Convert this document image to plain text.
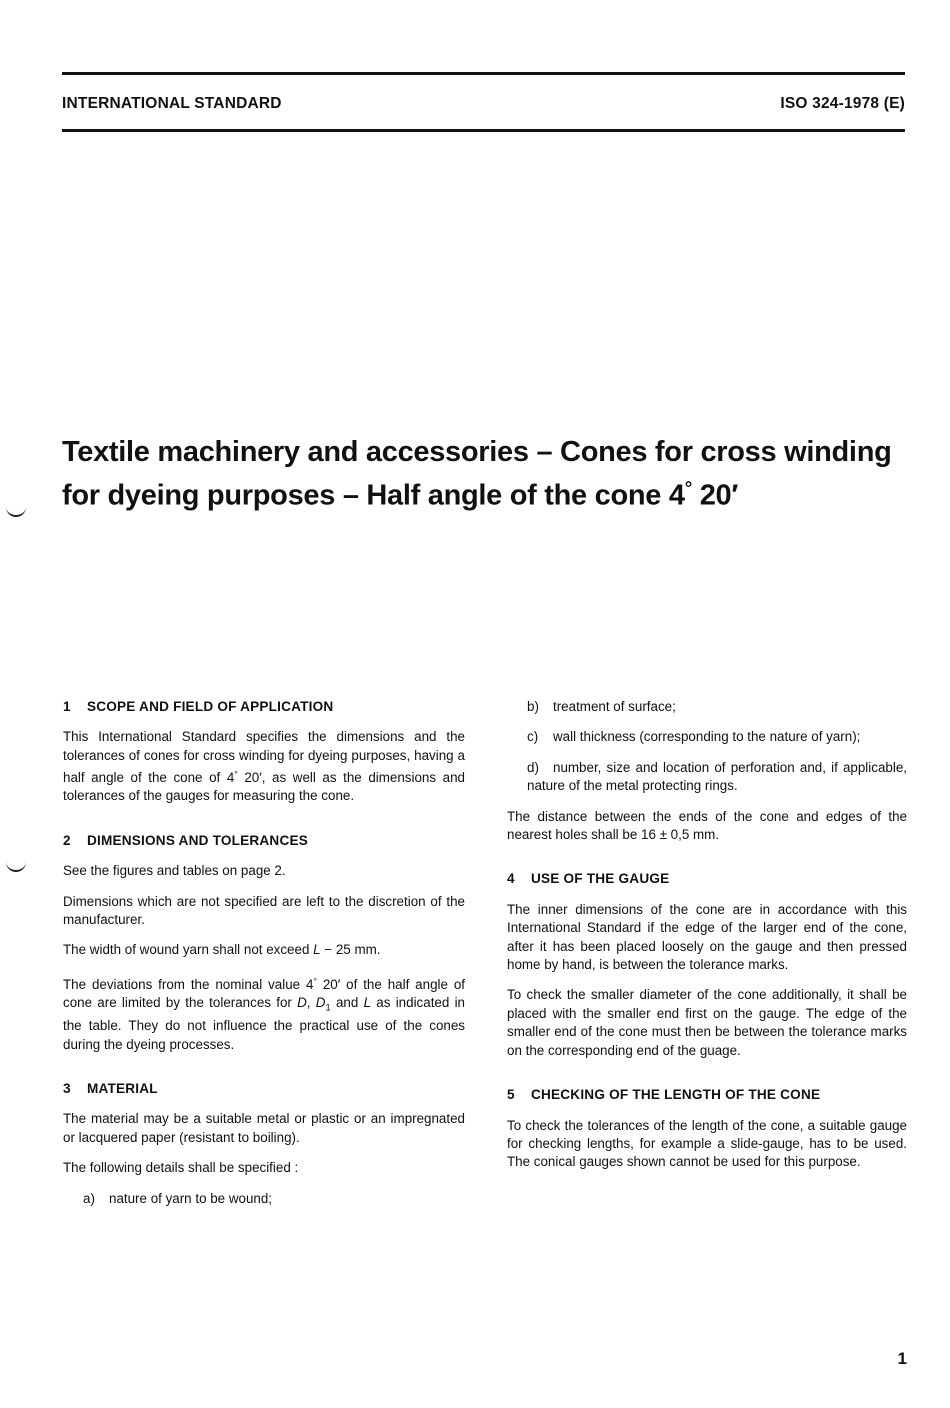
INTERNATIONAL STANDARD	ISO 324-1978 (E)
Textile machinery and accessories – Cones for cross winding
for dyeing purposes – Half angle of the cone 4° 20′
1 SCOPE AND FIELD OF APPLICATION

This International Standard specifies the dimensions and the tolerances of cones for cross winding for dyeing purposes, having a half angle of the cone of 4° 20′, as well as the dimensions and tolerances of the gauges for measuring the cone.

2 DIMENSIONS AND TOLERANCES

See the figures and tables on page 2.

Dimensions which are not specified are left to the discretion of the manufacturer.

The width of wound yarn shall not exceed L − 25 mm.

The deviations from the nominal value 4° 20′ of the half angle of cone are limited by the tolerances for D, $D_1$ and L as indicated in the table. They do not influence the practical use of the cones during the dyeing processes.

3 MATERIAL

The material may be a suitable metal or plastic or an impregnated or lacquered paper (resistant to boiling).

The following details shall be specified :

a) nature of yarn to be wound;
b) treatment of surface;
c) wall thickness (corresponding to the nature of yarn);
d) number, size and location of perforation and, if applicable, nature of the metal protecting rings.

The distance between the ends of the cone and edges of the nearest holes shall be 16 ± 0,5 mm.

4 USE OF THE GAUGE

The inner dimensions of the cone are in accordance with this International Standard if the edge of the larger end of the cone, after it has been placed loosely on the gauge and then pressed home by hand, is between the tolerance marks.

To check the smaller diameter of the cone additionally, it shall be placed with the smaller end first on the gauge. The edge of the smaller end of the cone must then be between the tolerance marks on the corresponding end of the guage.

5 CHECKING OF THE LENGTH OF THE CONE

To check the tolerances of the length of the cone, a suitable gauge for checking lengths, for example a slide-gauge, has to be used. The conical gauges shown cannot be used for this purpose.

1
